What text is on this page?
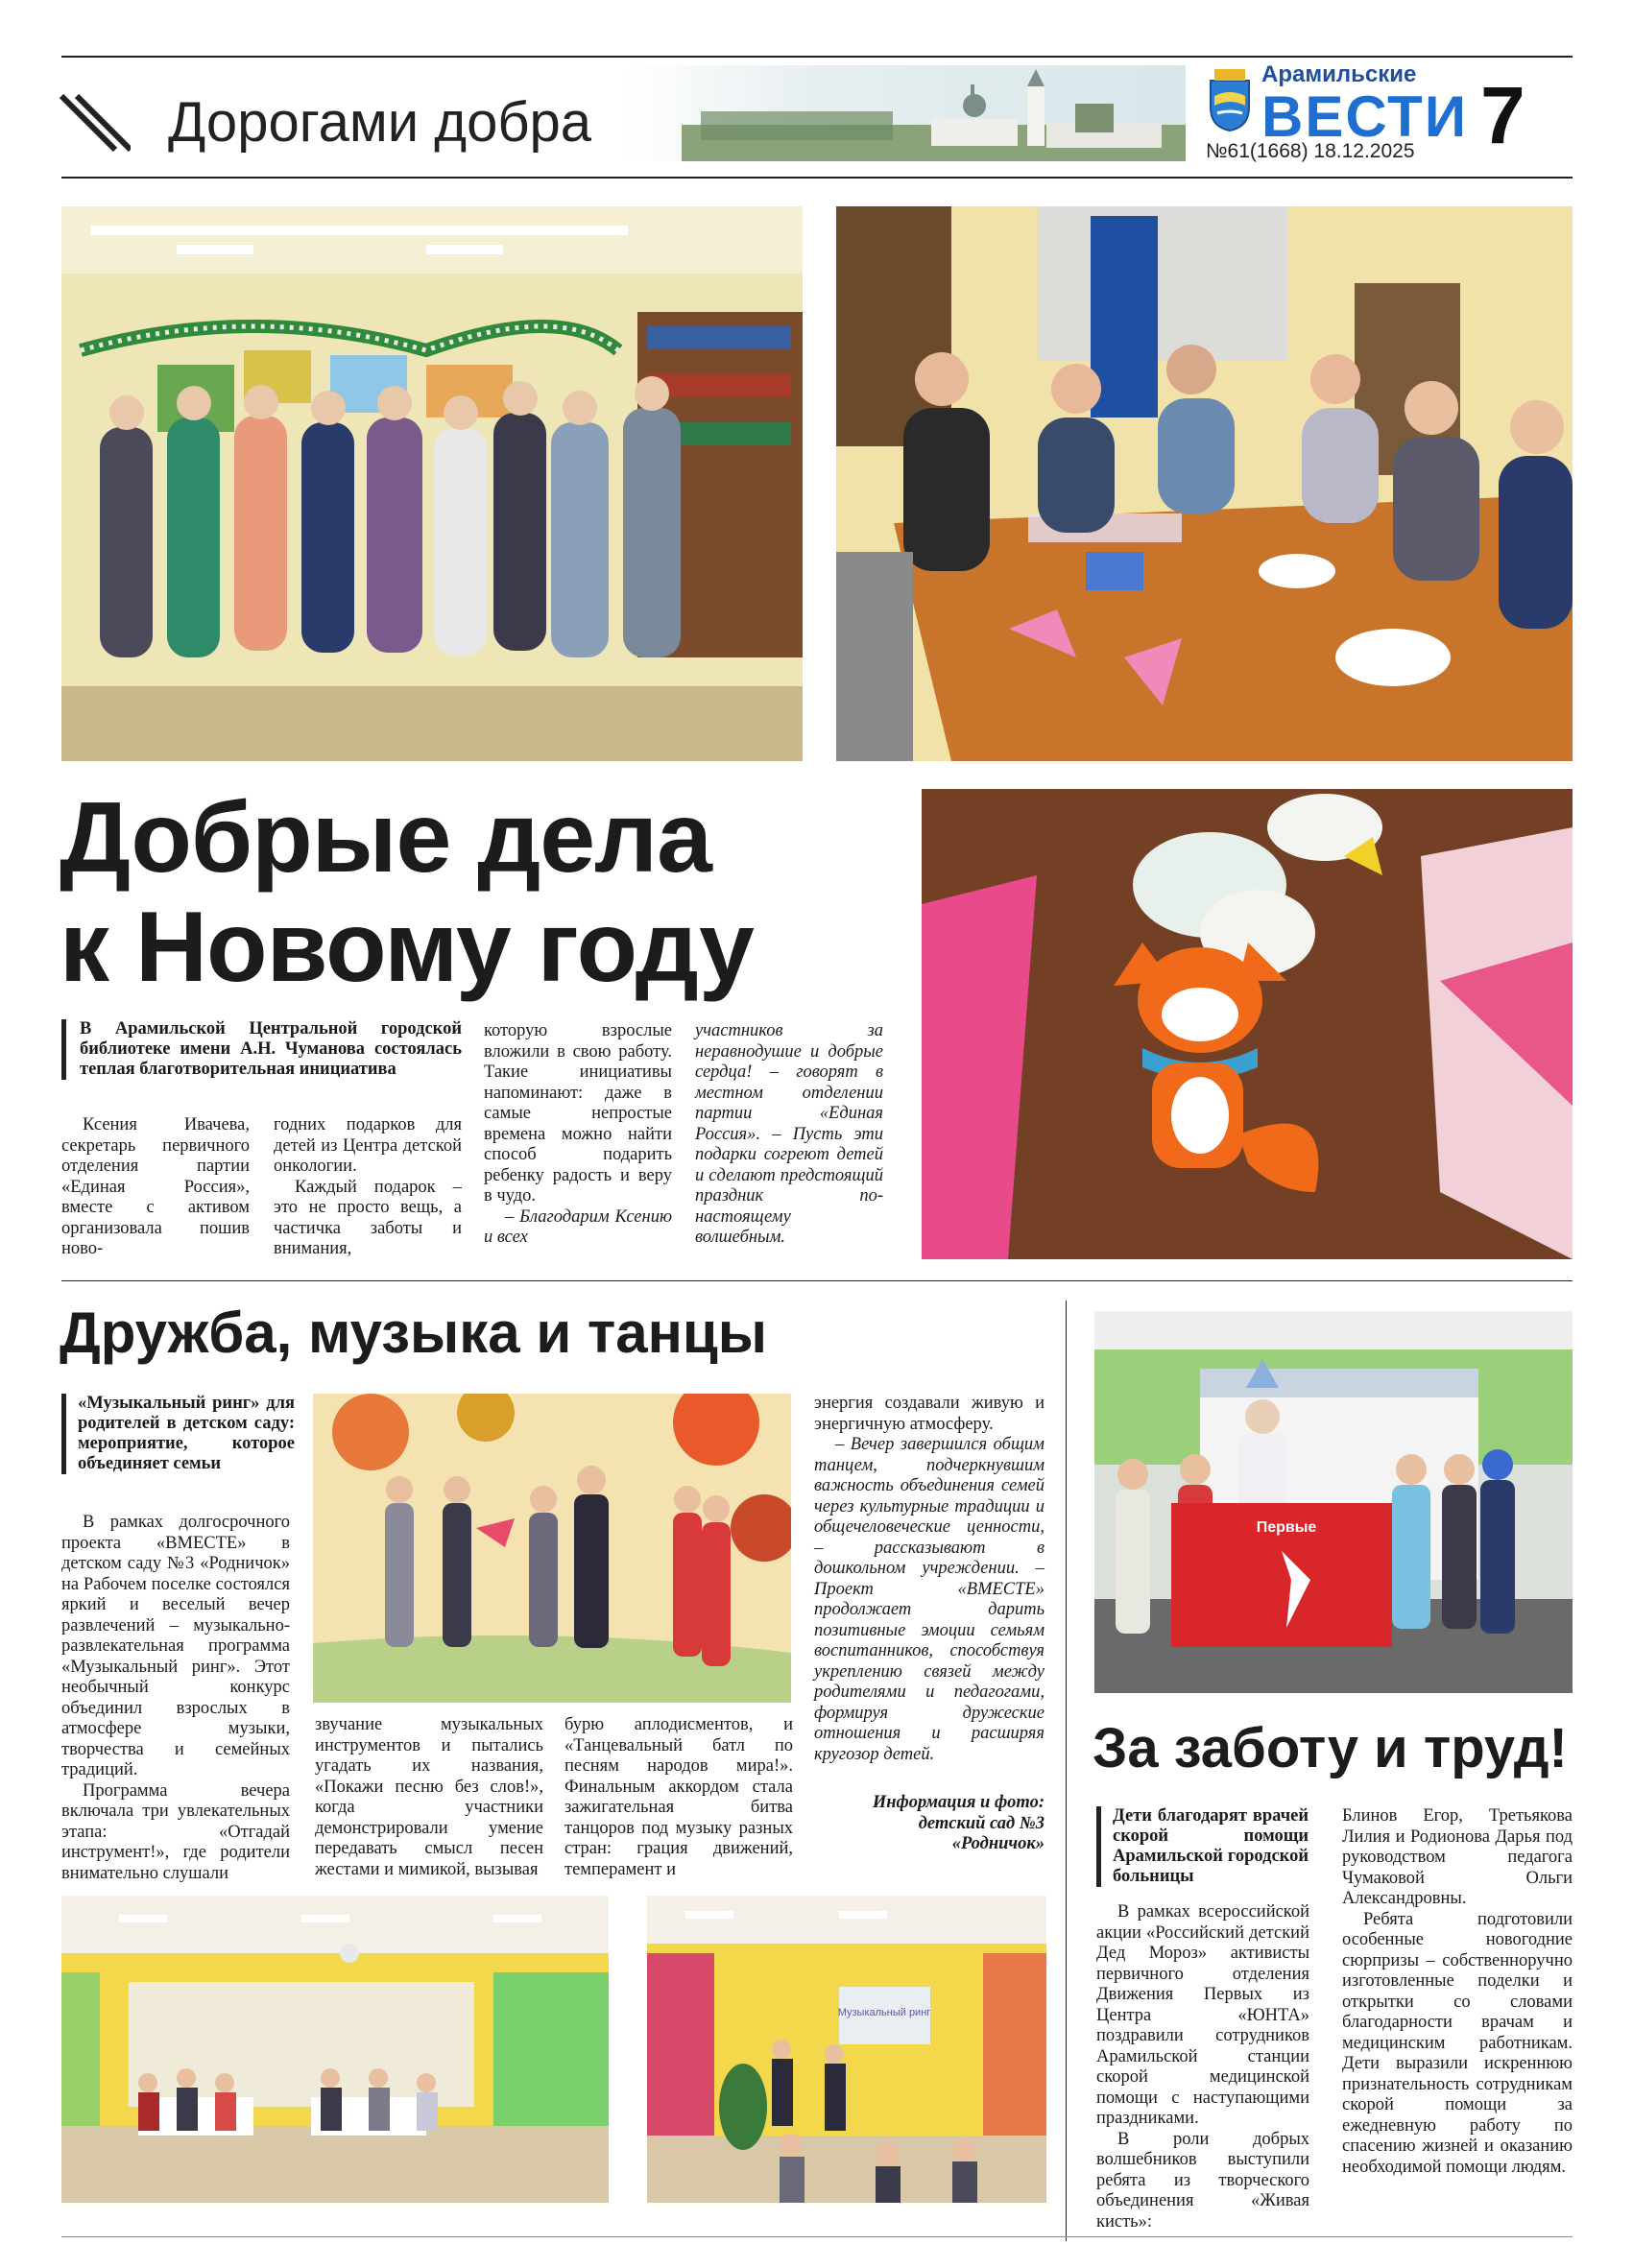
Дорогами добра
Арамильские
ВЕСТИ
№61(1668) 18.12.2025 7
Добрые дела
к Новому году
В Арамильской Центральной городской библиотеке имени А.Н. Чуманова состоялась теплая благотворительная инициатива

Ксения Ивачева, секретарь первичного отделения партии «Единая Россия», вместе с активом организовала пошив ново-

годних подарков для детей из Центра детской онкологии.

Каждый подарок – это не просто вещь, а частичка заботы и внимания,

которую взрослые вложили в свою работу. Такие инициативы напоминают: даже в самые непростые времена можно найти способ подарить ребенку радость и веру в чудо.

– Благодарим Ксению и всех

участников за неравнодушие и добрые сердца! – говорят в местном отделении партии «Единая Россия». – Пусть эти подарки согреют детей и сделают предстоящий праздник по-настоящему волшебным.

Дружба, музыка и танцы
«Музыкальный ринг» для родителей в детском саду: мероприятие, которое объединяет семьи

В рамках долгосрочного проекта «ВМЕСТЕ» в детском саду №3 «Родничок» на Рабочем поселке состоялся яркий и веселый вечер развлечений – музыкально-развлекательная программа «Музыкальный ринг». Этот необычный конкурс объединил взрослых в атмосфере музыки, творчества и семейных традиций.

Программа вечера включала три увлекательных этапа: «Отгадай инструмент!», где родители внимательно слушали

звучание музыкальных инструментов и пытались угадать их названия, «Покажи песню без слов!», когда участники демонстрировали умение передавать смысл песен жестами и мимикой, вызывая

бурю аплодисментов, и «Танцевальный батл по песням народов мира!». Финальным аккордом стала зажигательная битва танцоров под музыку разных стран: грация движений, темперамент и

энергия создавали живую и энергичную атмосферу.

– Вечер завершился общим танцем, подчеркнувшим важность объединения семей через культурные традиции и общечеловеческие ценности, – рассказывают в дошкольном учреждении. – Проект «ВМЕСТЕ» продолжает дарить позитивные эмоции семьям воспитанников, способствуя укреплению связей между родителями и педагогами, формируя дружеские отношения и расширяя кругозор детей.

Информация и фото: детский сад №3 «Родничок»
Музыкальный ринг
Первые
За заботу и труд!
Дети благодарят врачей скорой помощи Арамильской городской больницы

В рамках всероссийской акции «Российский детский Дед Мороз» активисты первичного отделения Движения Первых из Центра «ЮНТА» поздравили сотрудников Арамильской станции скорой медицинской помощи с наступающими праздниками.

В роли добрых волшебников выступили ребята из творческого объединения «Живая кисть»:

Блинов Егор, Третьякова Лилия и Родионова Дарья под руководством педагога Чумаковой Ольги Александровны.

Ребята подготовили особенные новогодние сюрпризы – собственноручно изготовленные поделки и открытки со словами благодарности врачам и медицинским работникам. Дети выразили искреннюю признательность сотрудникам скорой помощи за ежедневную работу по спасению жизней и оказанию необходимой помощи людям.
